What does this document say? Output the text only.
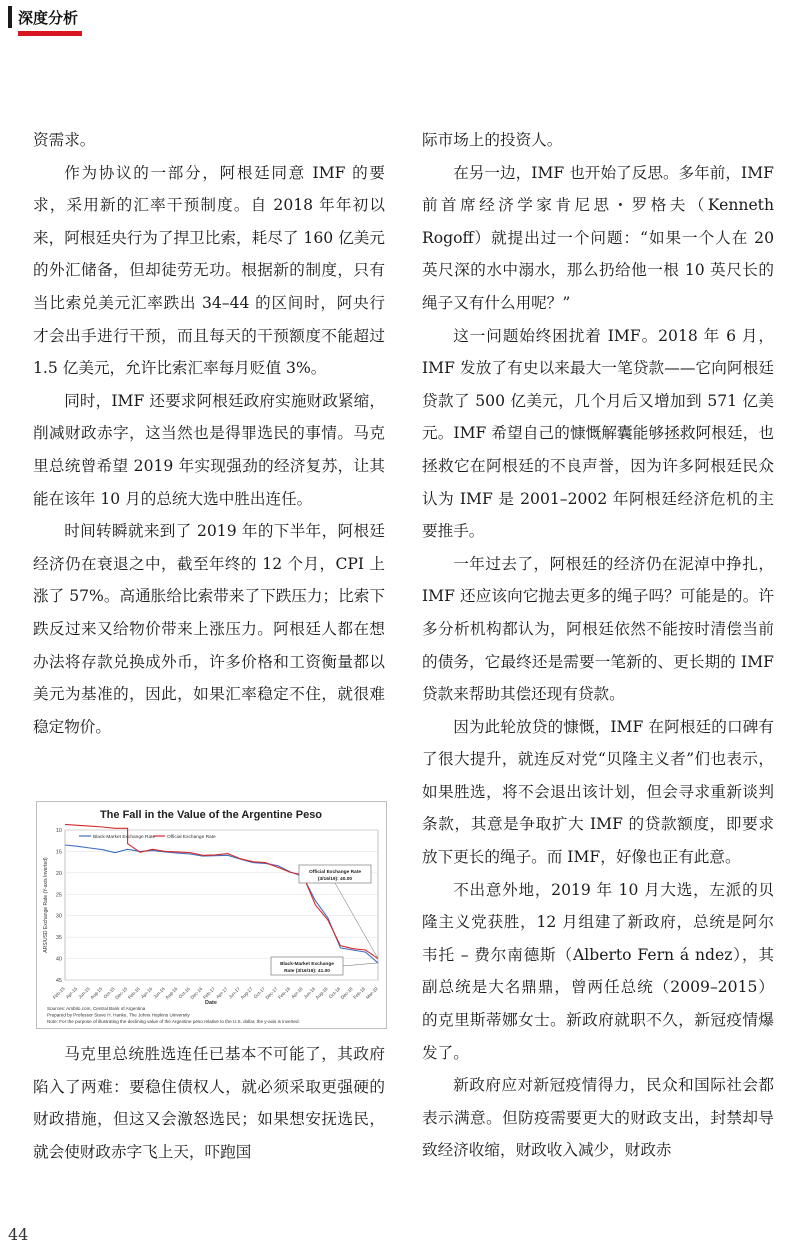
深度分析

资需求。

作为协议的一部分，阿根廷同意 IMF 的要求，采用新的汇率干预制度。自 2018 年年初以来，阿根廷央行为了捍卫比索，耗尽了 160 亿美元的外汇储备，但却徒劳无功。根据新的制度，只有当比索兑美元汇率跌出 34–44 的区间时，阿央行才会出手进行干预，而且每天的干预额度不能超过 1.5 亿美元，允许比索汇率每月贬值 3%。

同时，IMF 还要求阿根廷政府实施财政紧缩，削减财政赤字，这当然也是得罪选民的事情。马克里总统曾希望 2019 年实现强劲的经济复苏，让其能在该年 10 月的总统大选中胜出连任。

时间转瞬就来到了 2019 年的下半年，阿根廷经济仍在衰退之中，截至年终的 12 个月，CPI 上涨了 57%。高通胀给比索带来了下跌压力；比索下跌反过来又给物价带来上涨压力。阿根廷人都在想办法将存款兑换成外币，许多价格和工资衡量都以美元为基准的，因此，如果汇率稳定不住，就很难稳定物价。

The Fall in the Value of the Argentine Peso
10
15
20
25
30
35
40
45
Feb-15 Apr-15 Jun-15
Aug-15 Oct-15
Dec-15
Feb-16 Apr-16 Jun-16
Aug-16 Oct-16
Dec-16
Feb-17 Apr-17 Jun-17
Aug-17 Oct-17
Dec-17
Feb-18 Apr-18 Jun-18
Aug-18 Oct-18
Dec-18
Feb-19
Mar-19
Date
ARS/USD Exchange Rate (Y-axis Inverted)
Black-Market Exchange Rate Official Exchange Rate
Official Exchange Rate
(3/16/19): 40.00
Black-Market Exchange
Rate (3/16/19): 41.00
Sources: Ambito.com, Central Bank of Argentina
Prepared by Professor Steve H. Hanke, The Johns Hopkins University
Note: For the purpose of illustrating the declining value of the Argentine peso relative to the U.S. dollar, the y-axis is inverted.

马克里总统胜选连任已基本不可能了，其政府陷入了两难：要稳住债权人，就必须采取更强硬的财政措施，但这又会激怒选民；如果想安抚选民，就会使财政赤字飞上天，吓跑国

际市场上的投资人。

在另一边，IMF 也开始了反思。多年前，IMF 前首席经济学家肯尼思・罗格夫（Kenneth Rogoff）就提出过一个问题：“如果一个人在 20 英尺深的水中溺水，那么扔给他一根 10 英尺长的绳子又有什么用呢？”

这一问题始终困扰着 IMF。2018 年 6 月，IMF 发放了有史以来最大一笔贷款——它向阿根廷贷款了 500 亿美元，几个月后又增加到 571 亿美元。IMF 希望自己的慷慨解囊能够拯救阿根廷，也拯救它在阿根廷的不良声誉，因为许多阿根廷民众认为 IMF 是 2001–2002 年阿根廷经济危机的主要推手。

一年过去了，阿根廷的经济仍在泥淖中挣扎，IMF 还应该向它抛去更多的绳子吗？可能是的。许多分析机构都认为，阿根廷依然不能按时清偿当前的债务，它最终还是需要一笔新的、更长期的 IMF 贷款来帮助其偿还现有贷款。

因为此轮放贷的慷慨，IMF 在阿根廷的口碑有了很大提升，就连反对党“贝隆主义者”们也表示，如果胜选，将不会退出该计划，但会寻求重新谈判条款，其意是争取扩大 IMF 的贷款额度，即要求放下更长的绳子。而 IMF，好像也正有此意。

不出意外地，2019 年 10 月大选，左派的贝隆主义党获胜，12 月组建了新政府，总统是阿尔韦托 – 费尔南德斯（Alberto Fern á ndez），其副总统是大名鼎鼎，曾两任总统（2009–2015）的克里斯蒂娜女士。新政府就职不久，新冠疫情爆发了。

新政府应对新冠疫情得力，民众和国际社会都表示满意。但防疫需要更大的财政支出，封禁却导致经济收缩，财政收入减少，财政赤

44
